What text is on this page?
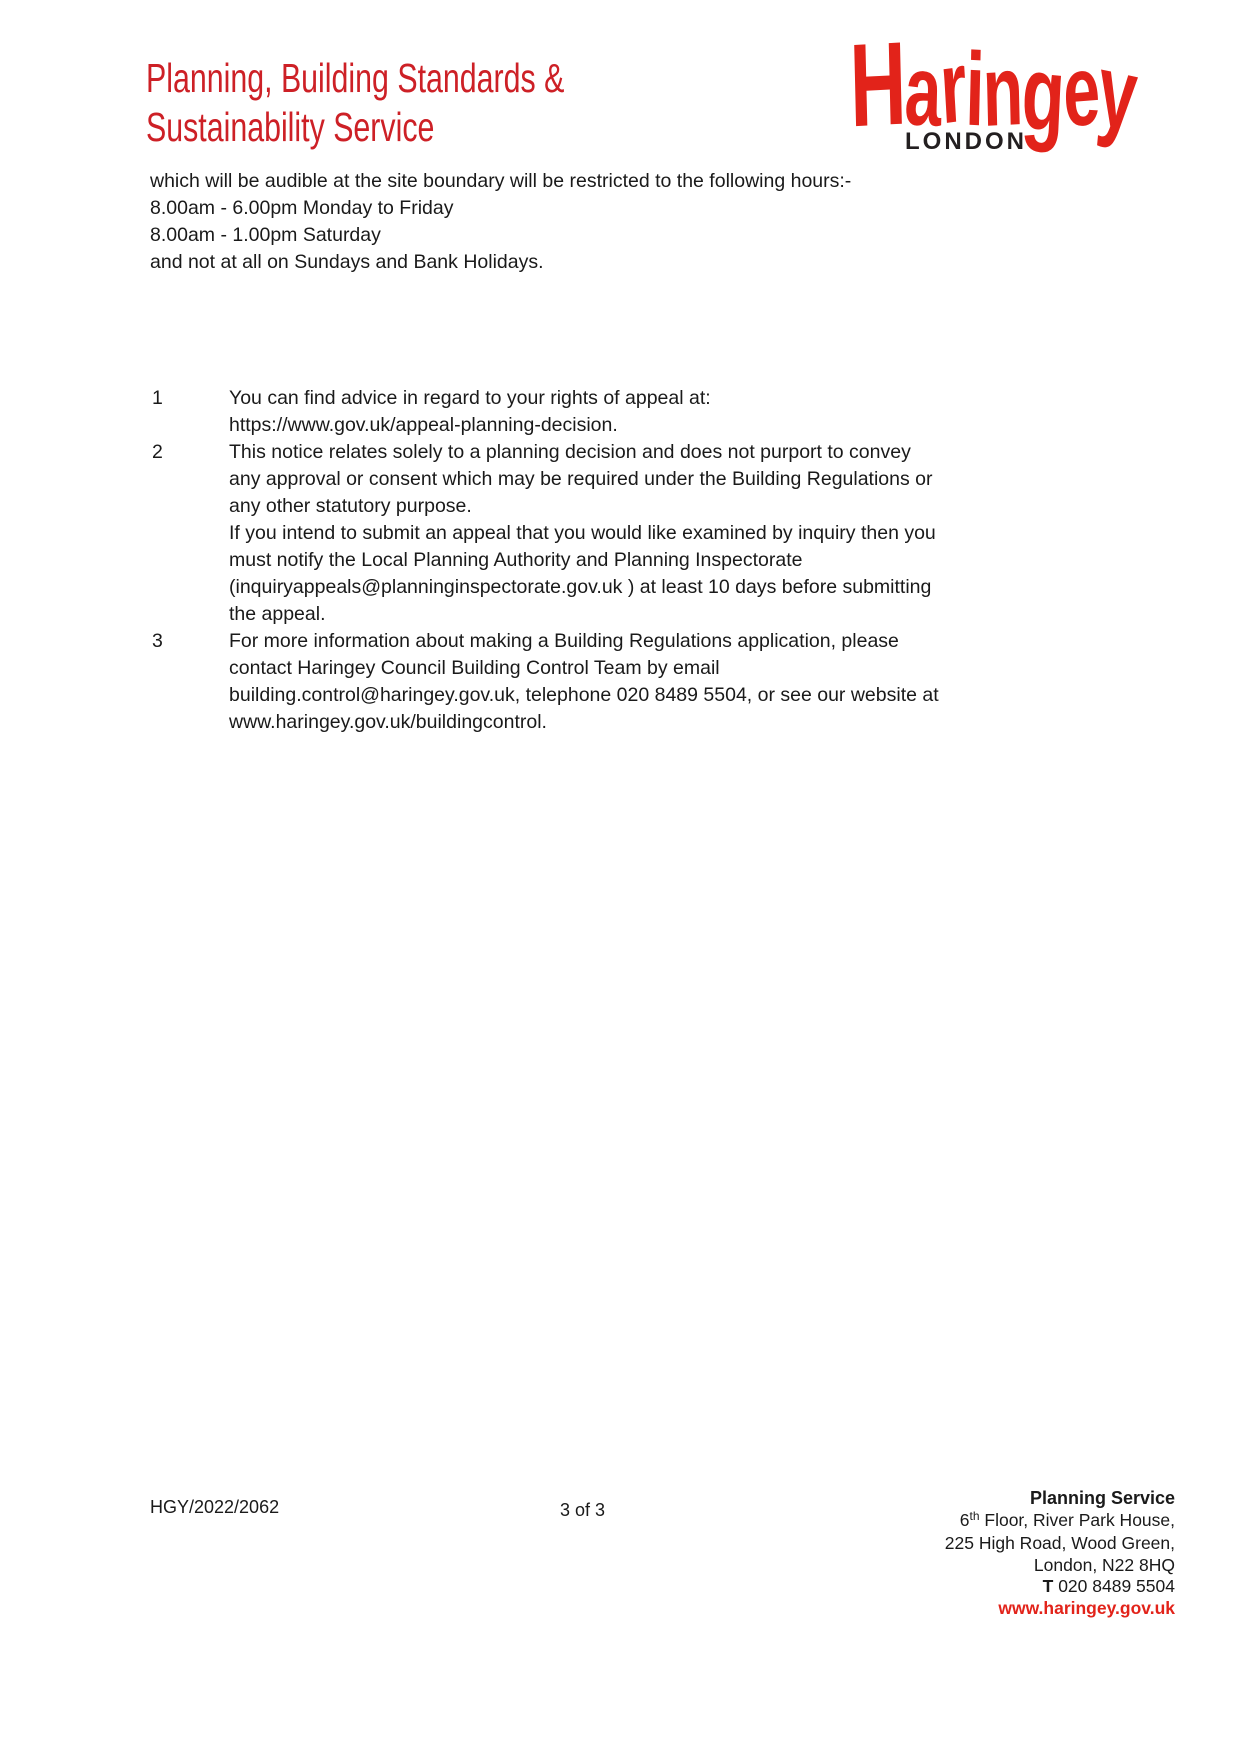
Planning, Building Standards &
Sustainability Service	Haringey
LONDON
which will be audible at the site boundary will be restricted to the following hours:-
8.00am - 6.00pm Monday to Friday
8.00am - 1.00pm Saturday
and not at all on Sundays and Bank Holidays.
1	You can find advice in regard to your rights of appeal at:
https://www.gov.uk/appeal-planning-decision.
2	This notice relates solely to a planning decision and does not purport to convey
any approval or consent which may be required under the Building Regulations or
any other statutory purpose.
If you intend to submit an appeal that you would like examined by inquiry then you
must notify the Local Planning Authority and Planning Inspectorate
(inquiryappeals@planninginspectorate.gov.uk ) at least 10 days before submitting
the appeal.
3	For more information about making a Building Regulations application, please
contact Haringey Council Building Control Team by email
building.control@haringey.gov.uk, telephone 020 8489 5504, or see our website at
www.haringey.gov.uk/buildingcontrol.
HGY/2022/2062	3 of 3
Planning Service
6th Floor, River Park House,
225 High Road, Wood Green,
London, N22 8HQ
T 020 8489 5504
www.haringey.gov.uk
